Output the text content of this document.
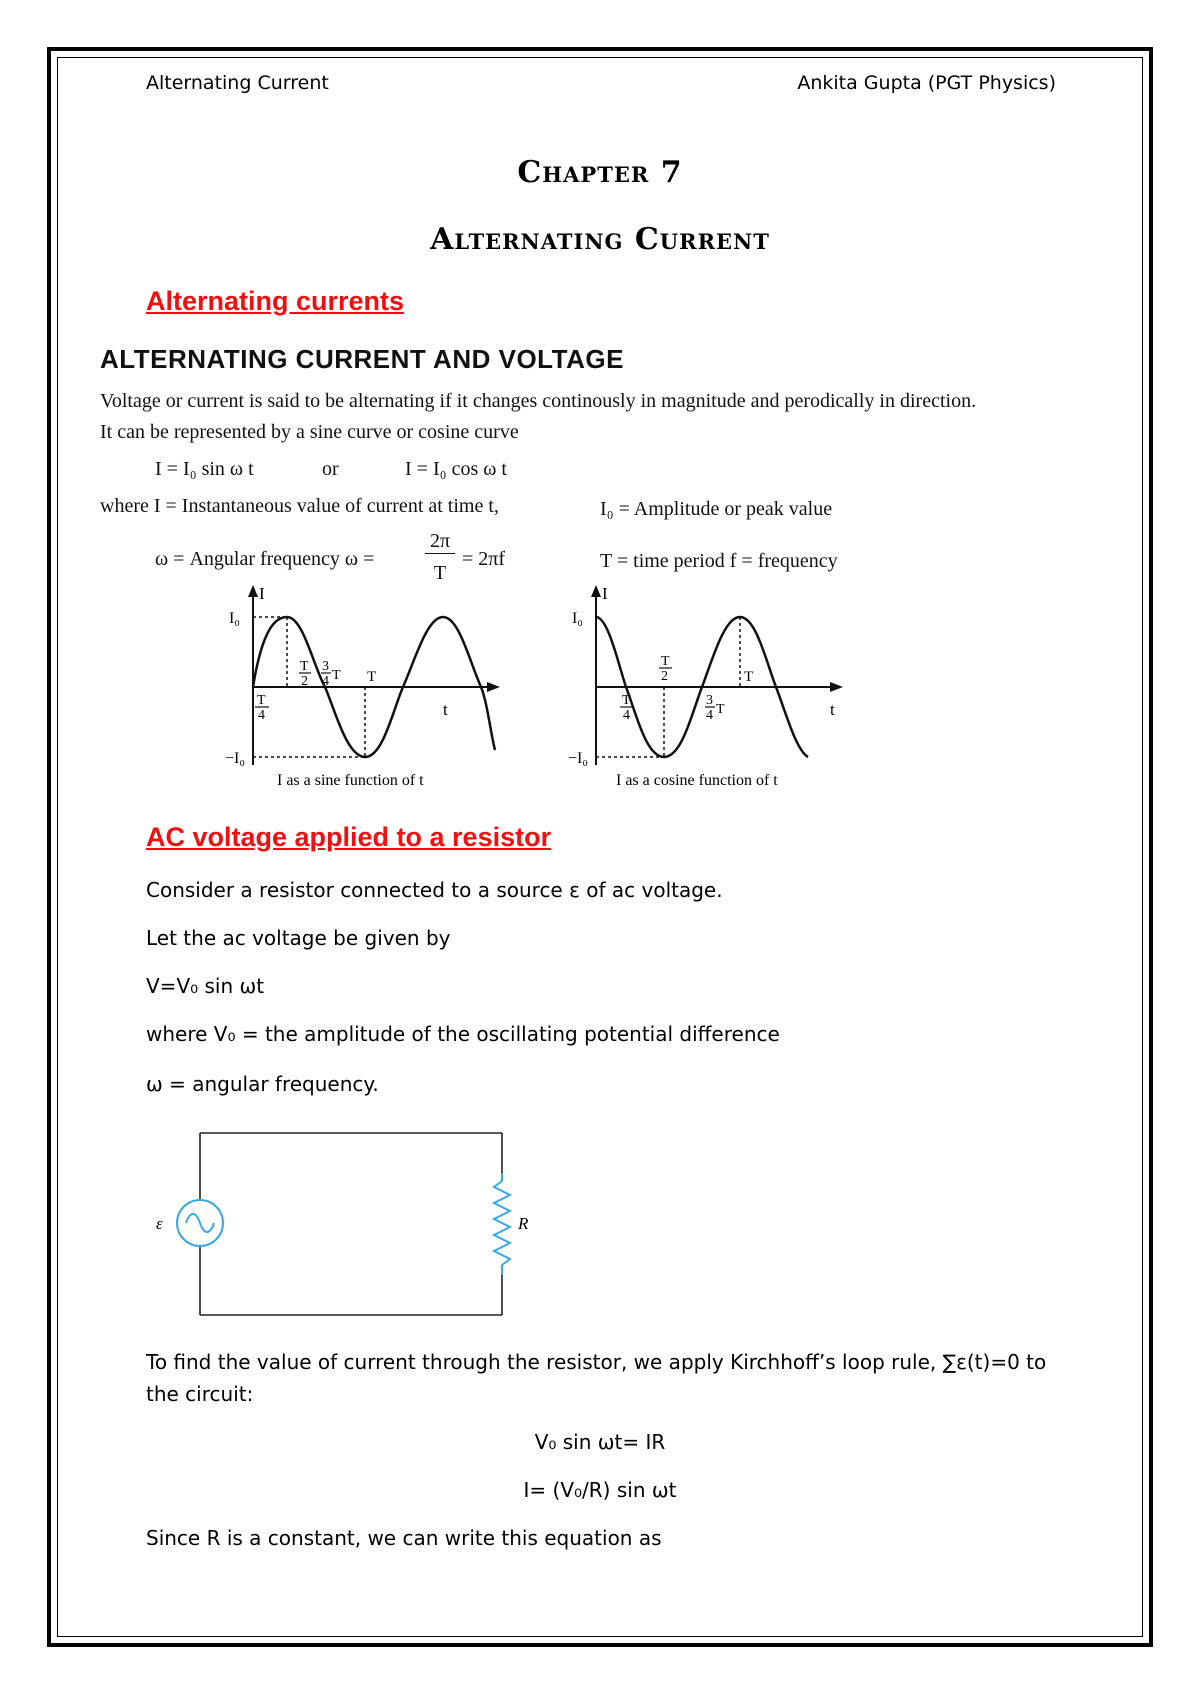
Alternating Current	Ankita Gupta (PGT Physics)
Chapter 7
Alternating Current
Alternating currents
ALTERNATING CURRENT AND VOLTAGE
Voltage or current is said to be alternating if it changes continously in magnitude and perodically in direction.
It can be represented by a sine curve or cosine curve
I = I₀ sin ω t	or	I = I₀ cos ω t
where I = Instantaneous value of current at time t,	I₀ = Amplitude or peak value
ω = Angular frequency ω =
2π
T
= 2πf	T = time period f = frequency
I
I₀
−I₀
t
T
2
3
4 T T
T
4
I as a sine function of t
I
I₀
−I₀
t
T
2	T
T
4
3
4 T
I as a cosine function of t
AC voltage applied to a resistor
Consider a resistor connected to a source ε of ac voltage.
Let the ac voltage be given by
V=V₀ sin ωt
where V₀ = the amplitude of the oscillating potential difference
ω = angular frequency.
ε	R
To find the value of current through the resistor, we apply Kirchhoff’s loop rule, ∑ε(t)=0 to
the circuit:
V₀ sin ωt= IR
I= (V₀/R) sin ωt
Since R is a constant, we can write this equation as
